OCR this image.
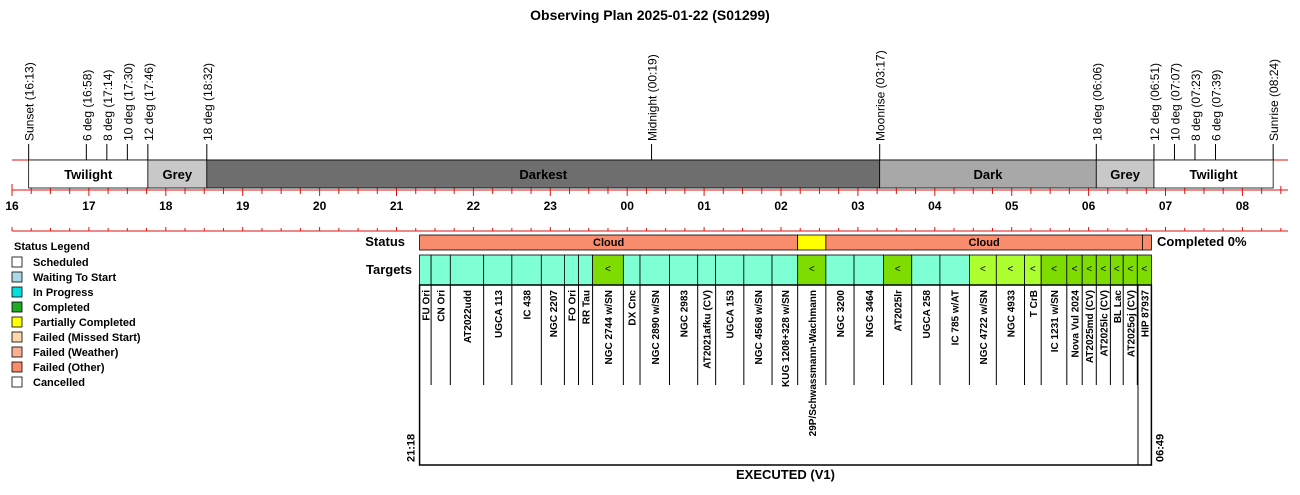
Observing Plan 2025-01-22 (S01299)
16	17	18	19	20	21	22	23	00	01	02	03	04	05	06	07	08
Sunset (16:13)	6 deg (16:58) 8 deg (17:14) 10 deg (17:30) 12 deg (17:46)	18 deg (18:32)	Midnight (00:19)	Moonrise (03:17)	18 deg (06:06)	12 deg (06:51) 10 deg (07:07) 8 deg (07:23) 6 deg (07:39)	Sunrise (08:24)
Twilight	Grey	Darkest	Dark	Grey	Twilight
Status Legend
Scheduled
Waiting To Start
In Progress
Completed
Partially Completed
Failed (Missed Start)
Failed (Weather)
Failed (Other)
Cancelled
Status	Cloud	Cloud	Completed 0%
Targets	<	<	<	< < < < < < < < < <
FU Ori CN Ori AT2022udd UGCA 113 IC 438 NGC 2207 FO Ori RR Tau NGC 2744 w/SN DX Cnc NGC 2890 w/SN NGC 2983 AT2021afku (CV) UGCA 153 NGC 4568 w/SN KUG 1208+328 w/SN 29P/Schwassmann-Wachmann NGC 3200 NGC 3464 AT2025lr UGCA 258 IC 785 w/AT NGC 4722 w/SN NGC 4933 T CrB IC 1231 w/SN Nova Vul 2024 AT2025md (CV) AT2025lc (CV) BL Lac AT2025oj (CV) HIP 87937
21:18	06:49
EXECUTED (V1)
